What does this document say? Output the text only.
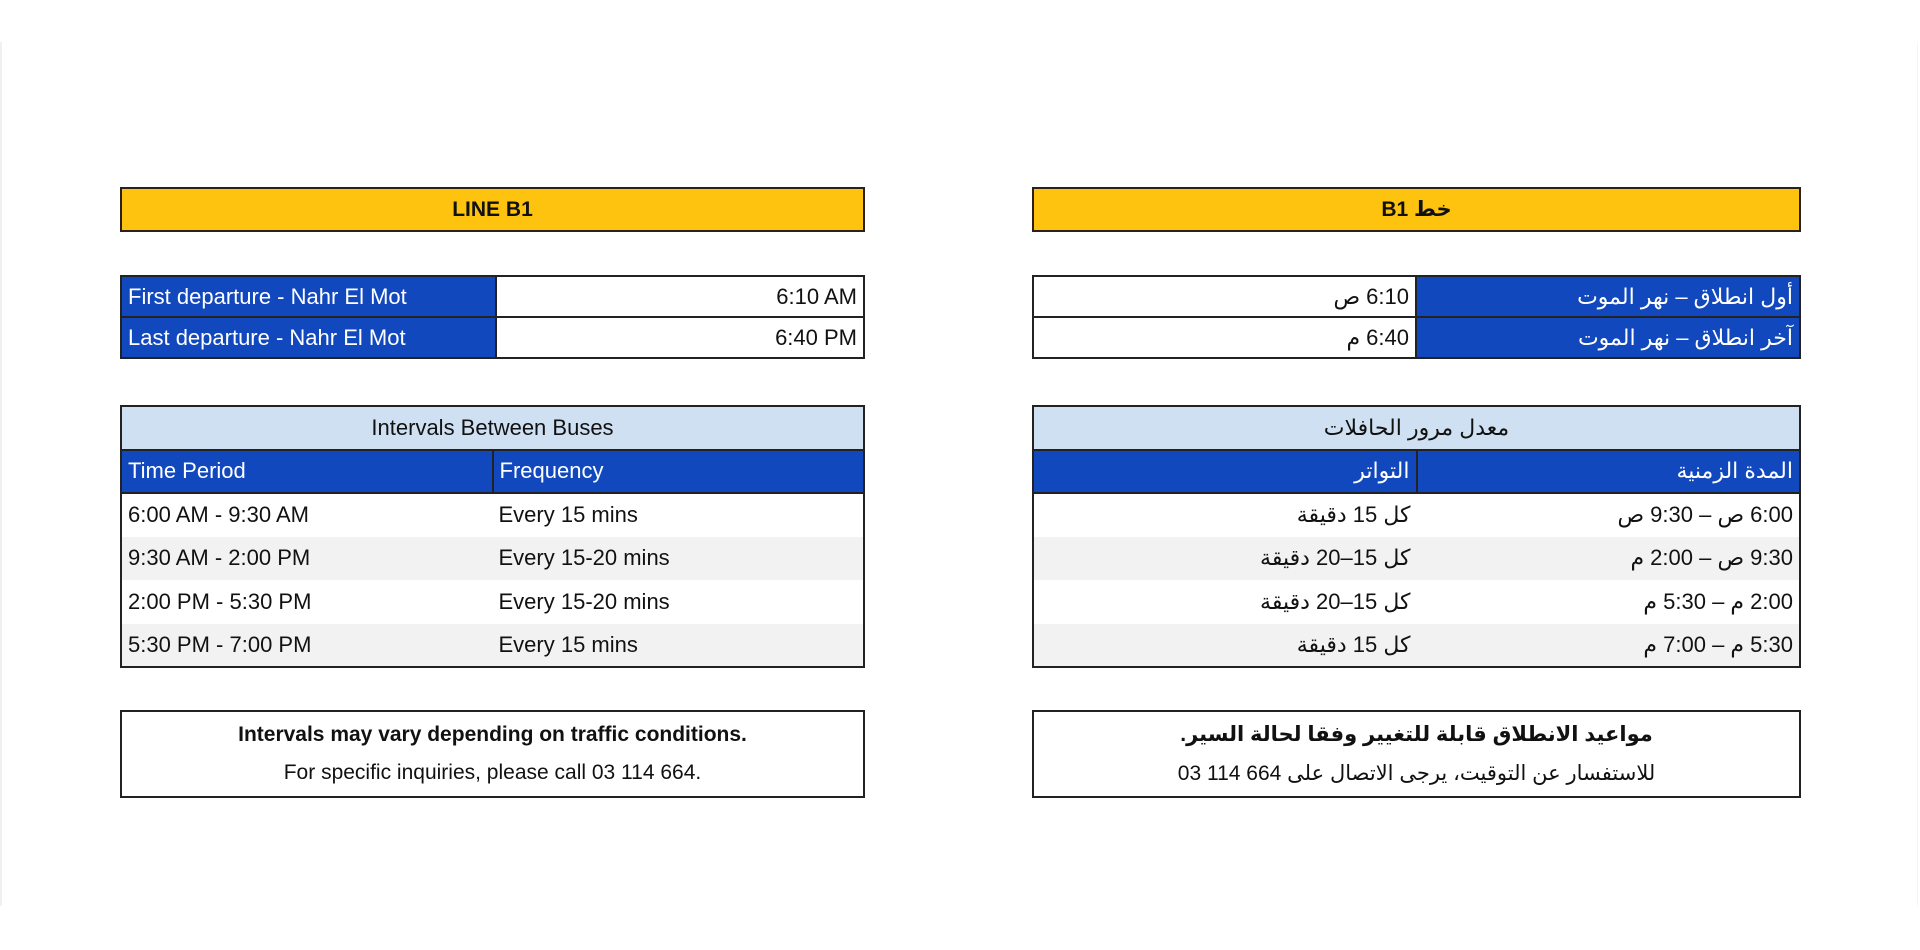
LINE B1
First departure - Nahr El Mot	6:10 AM
Last departure - Nahr El Mot	6:40 PM
Intervals Between Buses	
Time Period	Frequency
6:00 AM - 9:30 AM	Every 15 mins
9:30 AM - 2:00 PM	Every 15-20 mins
2:00 PM - 5:30 PM	Every 15-20 mins
5:30 PM - 7:00 PM	Every 15 mins
Intervals may vary depending on traffic conditions.
For specific inquiries, please call 03 114 664.
خط B1
أول انطلاق – نهر الموت	6:10 ص
آخر انطلاق – نهر الموت	6:40 م
معدل مرور الحافلات	
المدة الزمنية	التواتر
6:00 ص – 9:30 ص	كل 15 دقيقة
9:30 ص – 2:00 م	كل 15–20 دقيقة
2:00 م – 5:30 م	كل 15–20 دقيقة
5:30 م – 7:00 م	كل 15 دقيقة
مواعيد الانطلاق قابلة للتغيير وفقا لحالة السير.
للاستفسار عن التوقيت، يرجى الاتصال على 664 114 03
